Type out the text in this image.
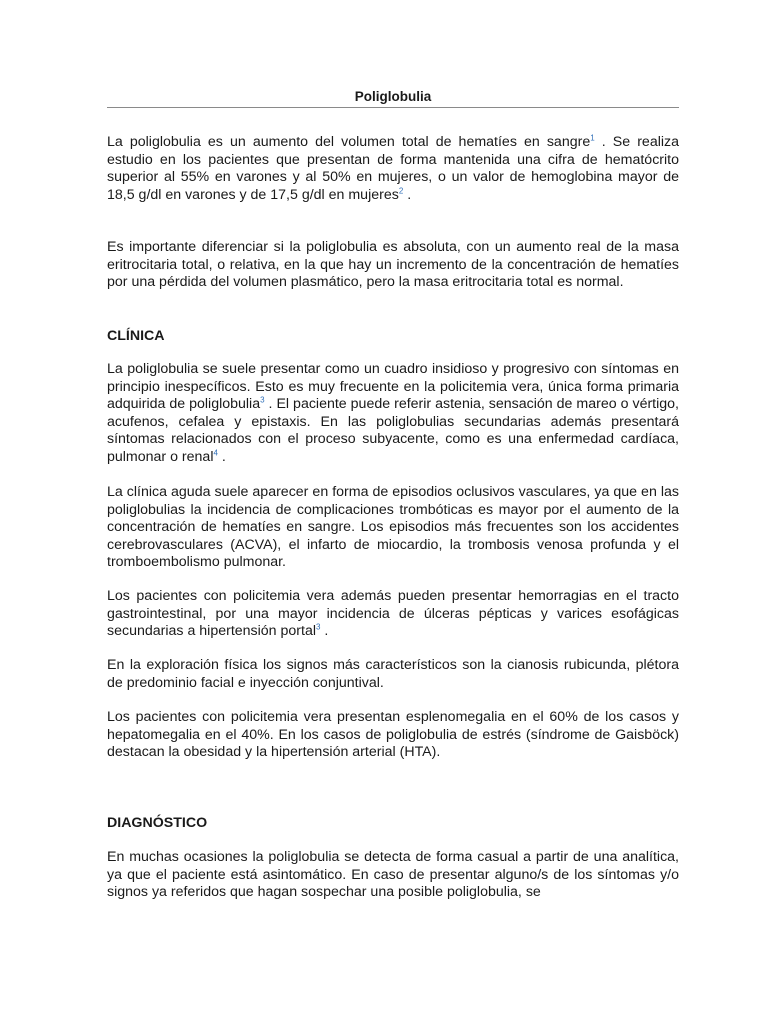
Poliglobulia

La poliglobulia es un aumento del volumen total de hematíes en sangre$^1$ . Se realiza estudio en los pacientes que presentan de forma mantenida una cifra de hematócrito superior al 55% en varones y al 50% en mujeres, o un valor de hemoglobina mayor de 18,5 g/dl en varones y de 17,5 g/dl en mujeres$^2$ .

Es importante diferenciar si la poliglobulia es absoluta, con un aumento real de la masa eritrocitaria total, o relativa, en la que hay un incremento de la concentración de hematíes por una pérdida del volumen plasmático, pero la masa eritrocitaria total es normal.

CLÍNICA

La poliglobulia se suele presentar como un cuadro insidioso y progresivo con síntomas en principio inespecíficos. Esto es muy frecuente en la policitemia vera, única forma primaria adquirida de poliglobulia$^3$ . El paciente puede referir astenia, sensación de mareo o vértigo, acufenos, cefalea y epistaxis. En las poliglobulias secundarias además presentará síntomas relacionados con el proceso subyacente, como es una enfermedad cardíaca, pulmonar o renal$^4$ .

La clínica aguda suele aparecer en forma de episodios oclusivos vasculares, ya que en las poliglobulias la incidencia de complicaciones trombóticas es mayor por el aumento de la concentración de hematíes en sangre. Los episodios más frecuentes son los accidentes cerebrovasculares (ACVA), el infarto de miocardio, la trombosis venosa profunda y el tromboembolismo pulmonar.

Los pacientes con policitemia vera además pueden presentar hemorragias en el tracto gastrointestinal, por una mayor incidencia de úlceras pépticas y varices esofágicas secundarias a hipertensión portal$^3$ .

En la exploración física los signos más característicos son la cianosis rubicunda, plétora de predominio facial e inyección conjuntival.

Los pacientes con policitemia vera presentan esplenomegalia en el 60% de los casos y hepatomegalia en el 40%. En los casos de poliglobulia de estrés (síndrome de Gaisböck) destacan la obesidad y la hipertensión arterial (HTA).

DIAGNÓSTICO

En muchas ocasiones la poliglobulia se detecta de forma casual a partir de una analítica, ya que el paciente está asintomático. En caso de presentar alguno/s de los síntomas y/o signos ya referidos que hagan sospechar una posible poliglobulia, se
